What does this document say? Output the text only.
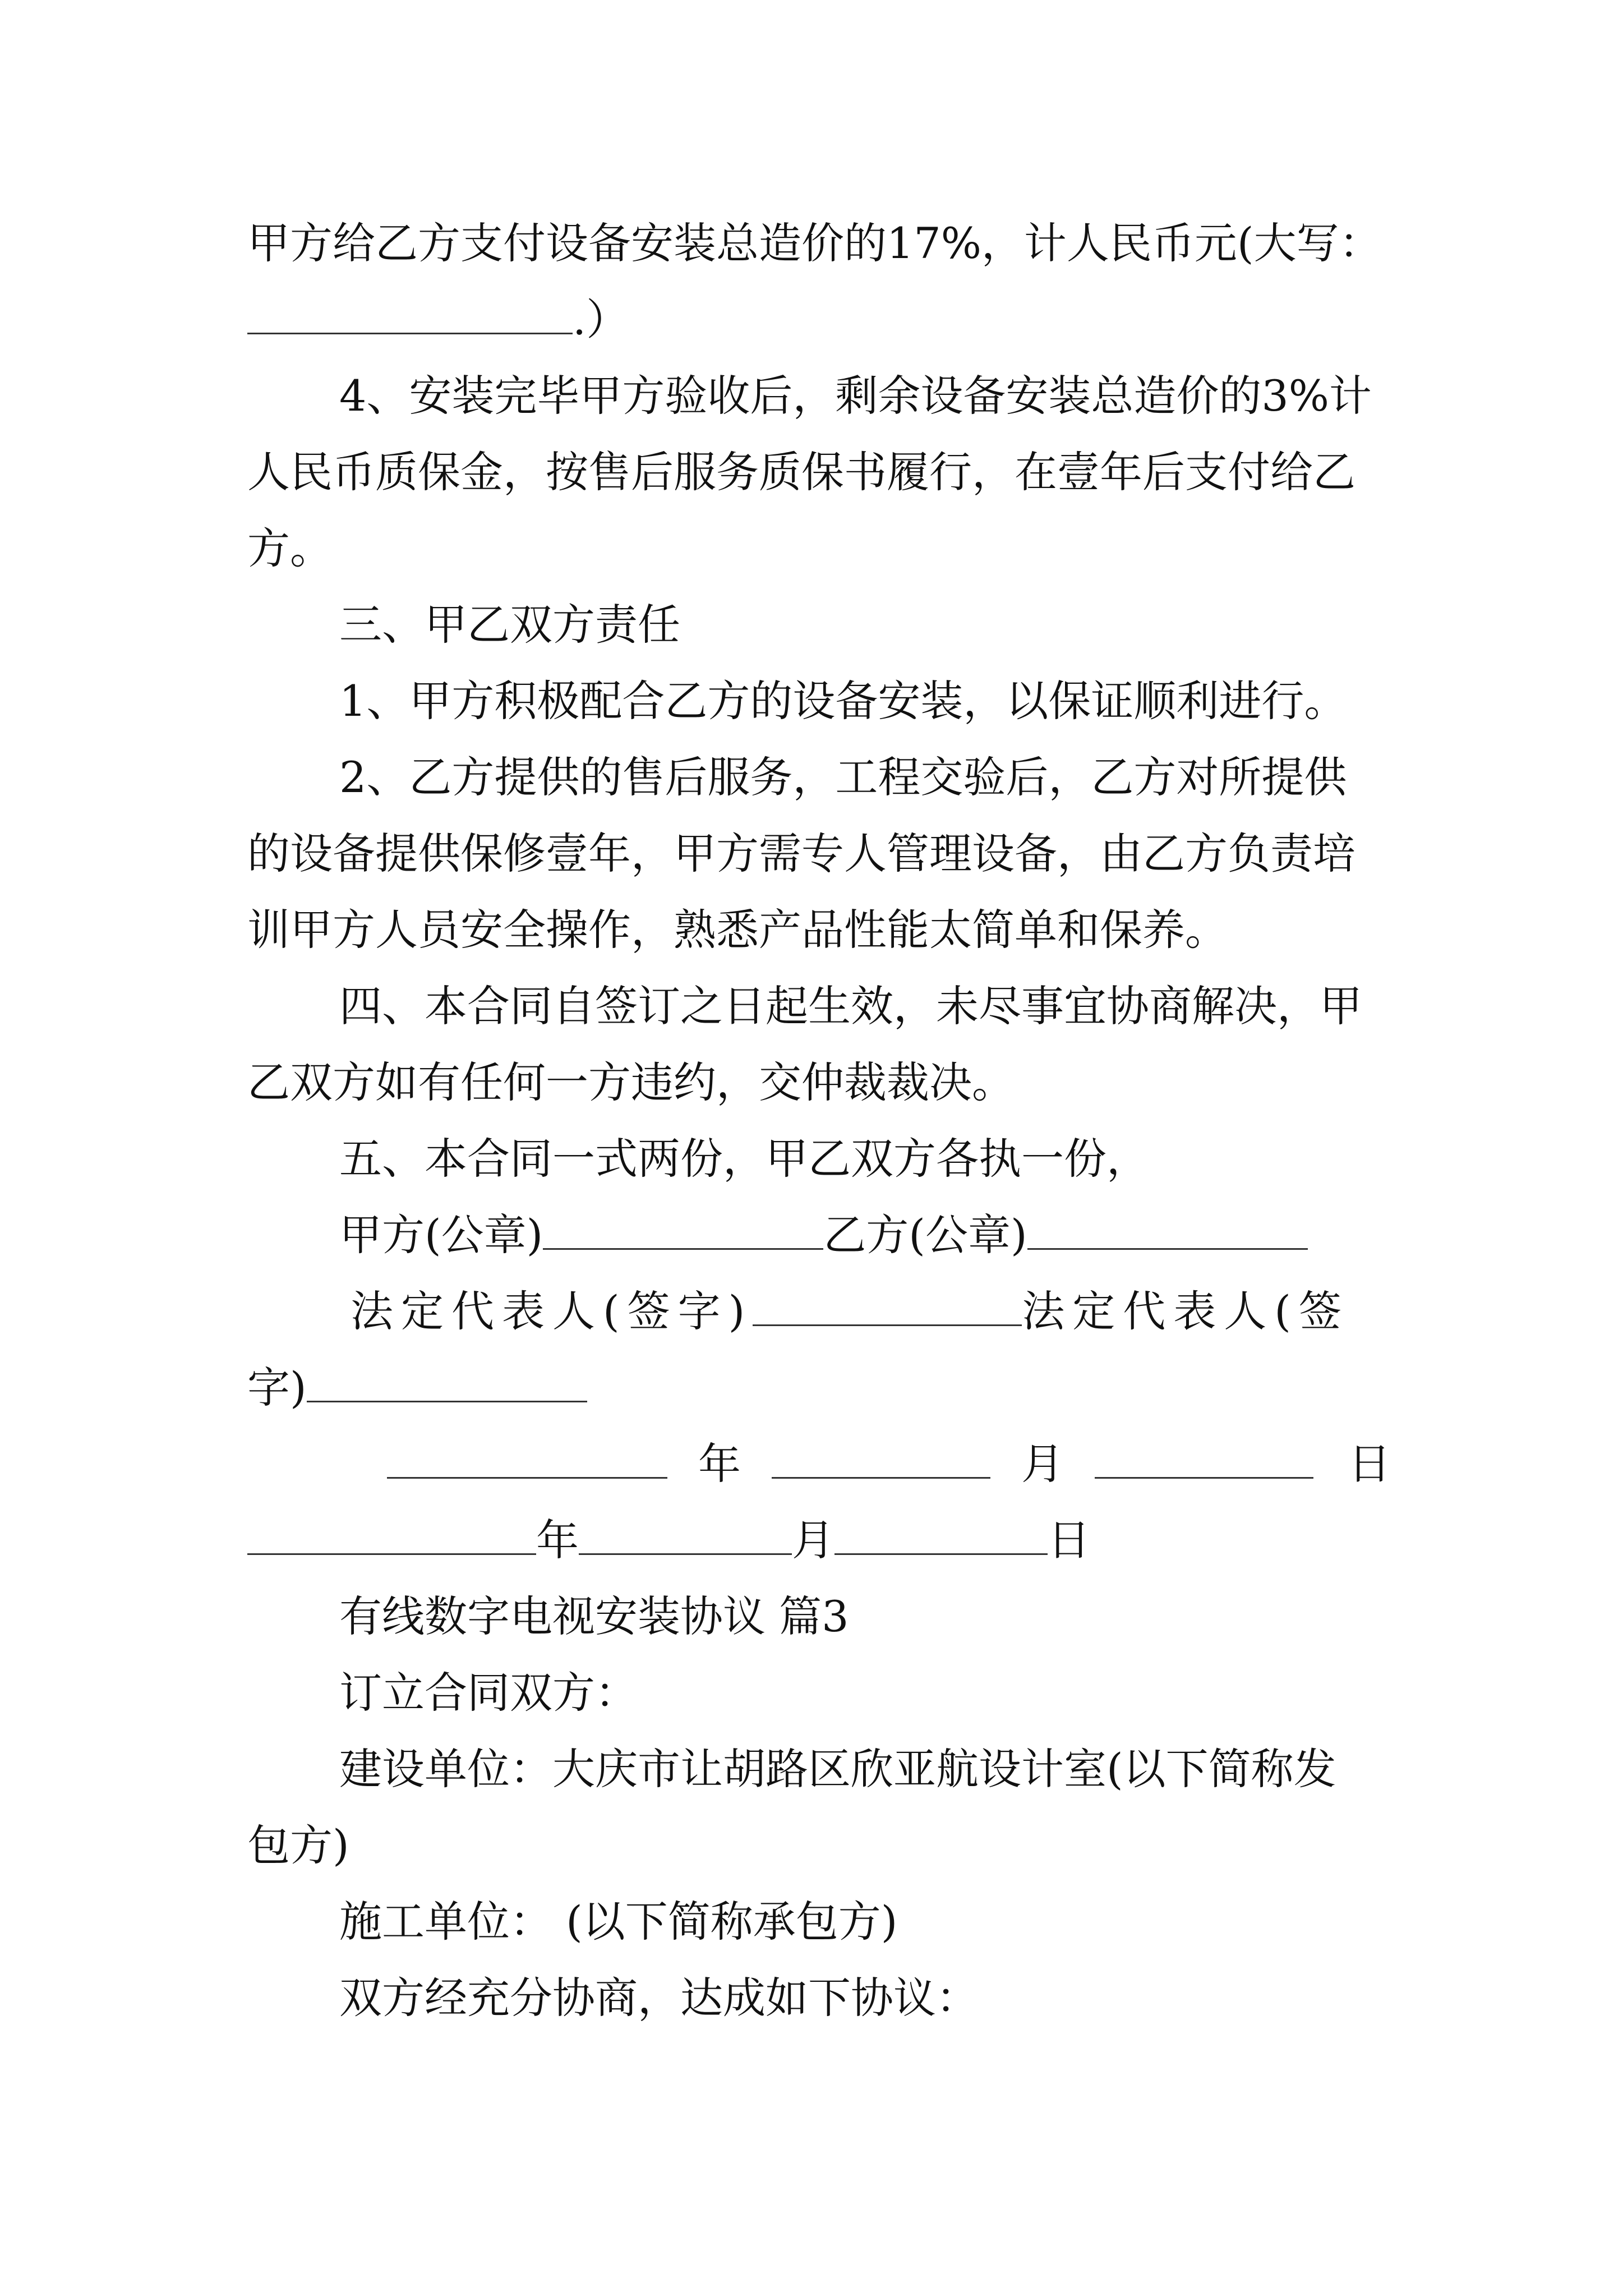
甲方给乙方支付设备安装总造价的17%，计人民币元(大写：
.）
4、安装完毕甲方验收后，剩余设备安装总造价的3%计
人民币质保金，按售后服务质保书履行，在壹年后支付给乙
方。
三、甲乙双方责任
1、甲方积极配合乙方的设备安装，以保证顺利进行。
2、乙方提供的售后服务，工程交验后，乙方对所提供
的设备提供保修壹年，甲方需专人管理设备，由乙方负责培
训甲方人员安全操作，熟悉产品性能太简单和保养。
四、本合同自签订之日起生效，未尽事宜协商解决，甲
乙双方如有任何一方违约，交仲裁裁决。
五、本合同一式两份，甲乙双方各执一份，
甲方(公章)	乙方(公章)
法定代表人(签字)	法定代表人(签
字)
年	月	日
年	月	日
有线数字电视安装协议 篇3
订立合同双方：
建设单位：大庆市让胡路区欣亚航设计室(以下简称发
包方)
施工单位： (以下简称承包方)
双方经充分协商，达成如下协议：
